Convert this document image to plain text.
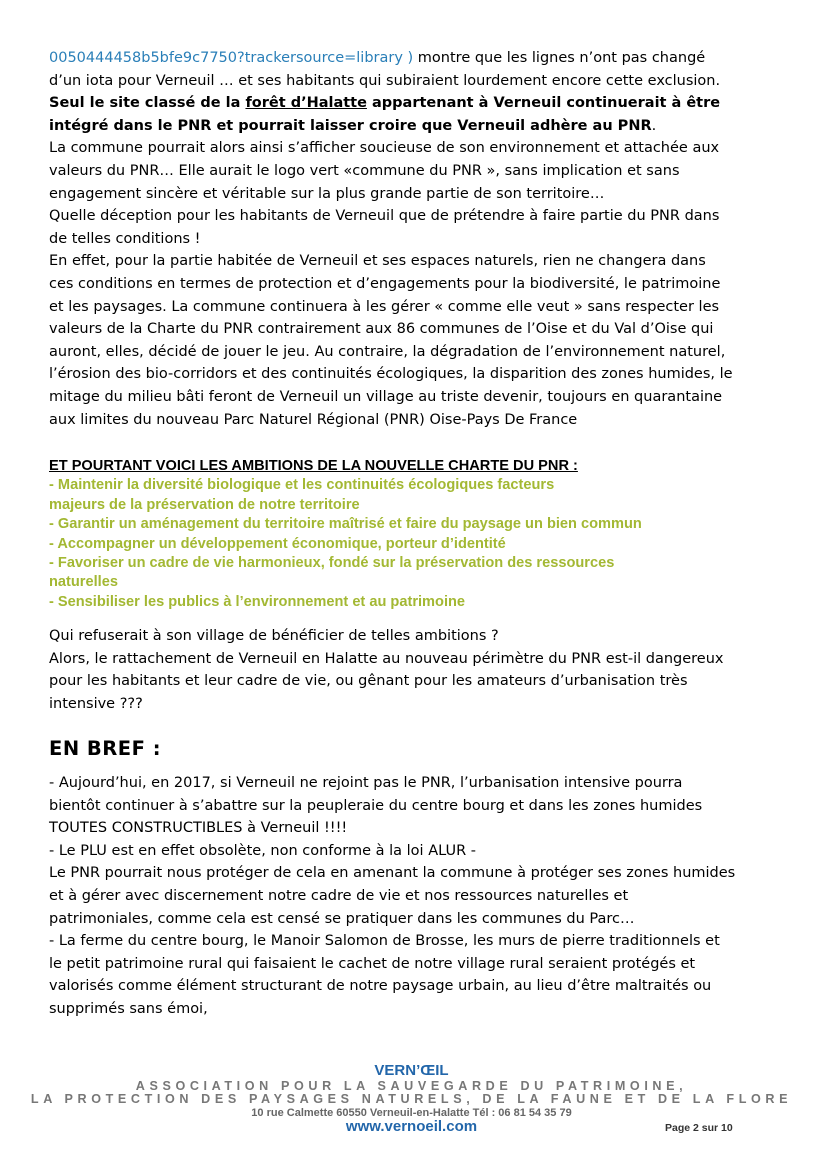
0050444458b5bfe9c7750?trackersource=library ) montre que les lignes n’ont pas changé
d’un iota pour Verneuil … et ses habitants qui subiraient lourdement encore cette exclusion.
Seul le site classé de la forêt d’Halatte appartenant à Verneuil continuerait à être
intégré dans le PNR et pourrait laisser croire que Verneuil adhère au PNR.
La commune pourrait alors ainsi s’afficher soucieuse de son environnement et attachée aux
valeurs du PNR… Elle aurait le logo vert «commune du PNR », sans implication et sans
engagement sincère et véritable sur la plus grande partie de son territoire…
Quelle déception pour les habitants de Verneuil que de prétendre à faire partie du PNR dans
de telles conditions !
En effet, pour la partie habitée de Verneuil et ses espaces naturels, rien ne changera dans
ces conditions en termes de protection et d’engagements pour la biodiversité, le patrimoine
et les paysages. La commune continuera à les gérer « comme elle veut » sans respecter les
valeurs de la Charte du PNR contrairement aux 86 communes de l’Oise et du Val d’Oise qui
auront, elles, décidé de jouer le jeu. Au contraire, la dégradation de l’environnement naturel,
l’érosion des bio-corridors et des continuités écologiques, la disparition des zones humides, le
mitage du milieu bâti feront de Verneuil un village au triste devenir, toujours en quarantaine
aux limites du nouveau Parc Naturel Régional (PNR) Oise-Pays De France
ET POURTANT VOICI LES AMBITIONS DE LA NOUVELLE CHARTE DU PNR :
- Maintenir la diversité biologique et les continuités écologiques facteurs
majeurs de la préservation de notre territoire
- Garantir un aménagement du territoire maîtrisé et faire du paysage un bien commun
- Accompagner un développement économique, porteur d’identité
- Favoriser un cadre de vie harmonieux, fondé sur la préservation des ressources
naturelles
- Sensibiliser les publics à l’environnement et au patrimoine
Qui refuserait à son village de bénéficier de telles ambitions ?
Alors, le rattachement de Verneuil en Halatte au nouveau périmètre du PNR est-il dangereux
pour les habitants et leur cadre de vie, ou gênant pour les amateurs d’urbanisation très
intensive ???
EN BREF :
- Aujourd’hui, en 2017, si Verneuil ne rejoint pas le PNR, l’urbanisation intensive pourra
bientôt continuer à s’abattre sur la peupleraie du centre bourg et dans les zones humides
TOUTES CONSTRUCTIBLES à Verneuil !!!!
- Le PLU est en effet obsolète, non conforme à la loi ALUR -
Le PNR pourrait nous protéger de cela en amenant la commune à protéger ses zones humides
et à gérer avec discernement notre cadre de vie et nos ressources naturelles et
patrimoniales, comme cela est censé se pratiquer dans les communes du Parc…
- La ferme du centre bourg, le Manoir Salomon de Brosse, les murs de pierre traditionnels et
le petit patrimoine rural qui faisaient le cachet de notre village rural seraient protégés et
valorisés comme élément structurant de notre paysage urbain, au lieu d’être maltraités ou
supprimés sans émoi,
VERN’ŒIL
ASSOCIATION POUR LA SAUVEGARDE DU PATRIMOINE,
LA PROTECTION DES PAYSAGES NATURELS, DE LA FAUNE ET DE LA FLORE
10 rue Calmette 60550 Verneuil-en-Halatte Tél : 06 81 54 35 79
www.vernoeil.com	Page 2 sur 10
